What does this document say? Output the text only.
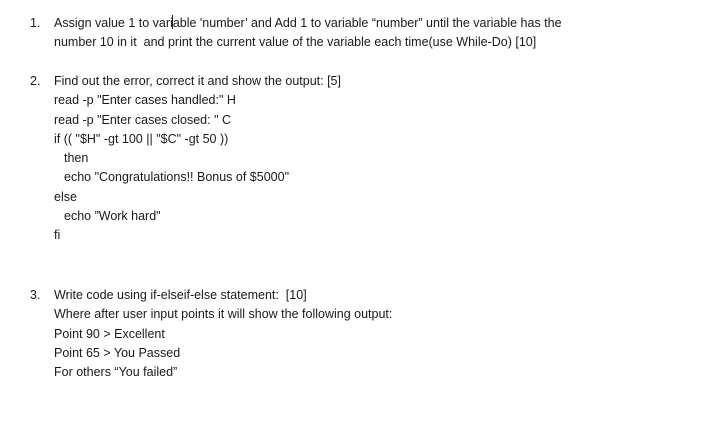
1.	Assign value 1 to variable 'number’ and Add 1 to variable “number” until the variable has the
number 10 in it  and print the current value of the variable each time(use While-Do) [10]
2.	Find out the error, correct it and show the output: [5]
read -p "Enter cases handled:" H
read -p "Enter cases closed: " C
if (( "$H" -gt 100 || "$C" -gt 50 ))
then
echo "Congratulations!! Bonus of $5000"
else
echo ”Work hard"
fi
3.	Write code using if-elseif-else statement:  [10]
Where after user input points it will show the following output:
Point 90 > Excellent
Point 65 > You Passed
For others “You failed”
